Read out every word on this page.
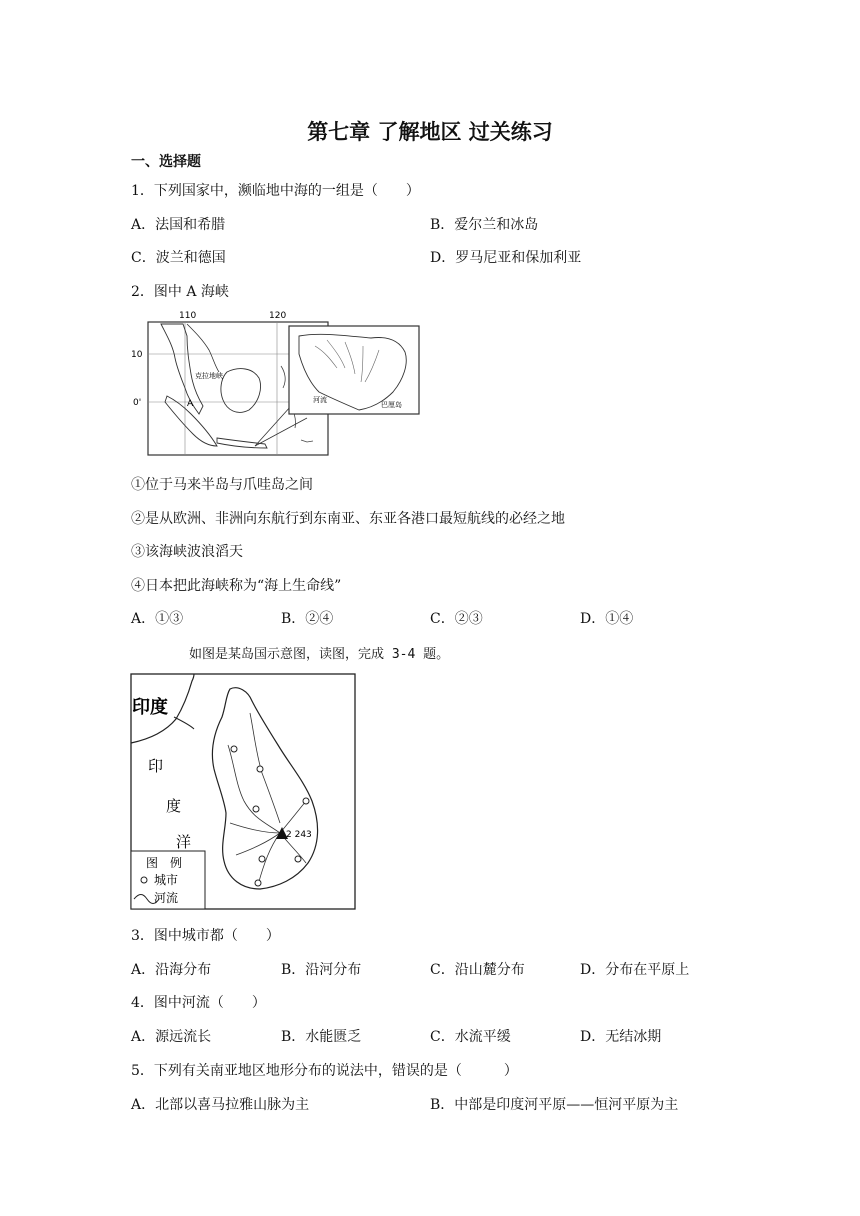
第七章 了解地区 过关练习
一、选择题
1．下列国家中，濒临地中海的一组是（　　）
A．法国和希腊	B．爱尔兰和冰岛
C．波兰和德国	D．罗马尼亚和保加利亚
2．图中 A 海峡
110	120
10
0'
克拉地峡
A	河流
巴厘岛
①位于马来半岛与爪哇岛之间
②是从欧洲、非洲向东航行到东南亚、东亚各港口最短航线的必经之地
③该海峡波浪滔天
④日本把此海峡称为“海上生命线”
A．①③	B．②④	C．②③	D．①④
如图是某岛国示意图，读图，完成 3-4 题。
2 243
印度
印
度
洋
图　例
城市
河流
3．图中城市都（　　）
A．沿海分布	B．沿河分布	C．沿山麓分布	D．分布在平原上
4．图中河流（　　）
A．源远流长	B．水能匮乏	C．水流平缓	D．无结冰期
5．下列有关南亚地区地形分布的说法中，错误的是（　　　）
A．北部以喜马拉雅山脉为主	B．中部是印度河平原——恒河平原为主
